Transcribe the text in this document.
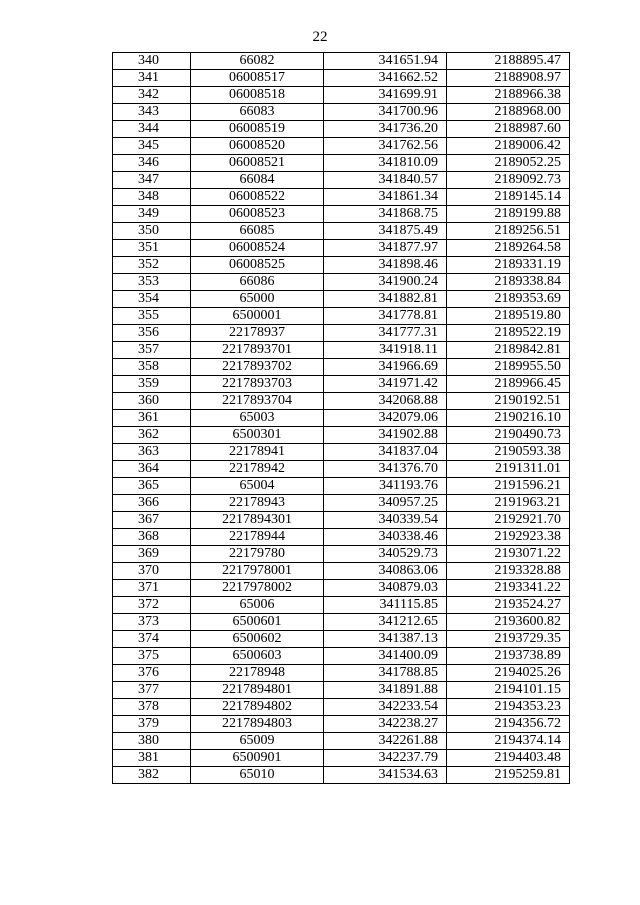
22
340	66082	341651.94	2188895.47
341	06008517	341662.52	2188908.97
342	06008518	341699.91	2188966.38
343	66083	341700.96	2188968.00
344	06008519	341736.20	2188987.60
345	06008520	341762.56	2189006.42
346	06008521	341810.09	2189052.25
347	66084	341840.57	2189092.73
348	06008522	341861.34	2189145.14
349	06008523	341868.75	2189199.88
350	66085	341875.49	2189256.51
351	06008524	341877.97	2189264.58
352	06008525	341898.46	2189331.19
353	66086	341900.24	2189338.84
354	65000	341882.81	2189353.69
355	6500001	341778.81	2189519.80
356	22178937	341777.31	2189522.19
357	2217893701	341918.11	2189842.81
358	2217893702	341966.69	2189955.50
359	2217893703	341971.42	2189966.45
360	2217893704	342068.88	2190192.51
361	65003	342079.06	2190216.10
362	6500301	341902.88	2190490.73
363	22178941	341837.04	2190593.38
364	22178942	341376.70	2191311.01
365	65004	341193.76	2191596.21
366	22178943	340957.25	2191963.21
367	2217894301	340339.54	2192921.70
368	22178944	340338.46	2192923.38
369	22179780	340529.73	2193071.22
370	2217978001	340863.06	2193328.88
371	2217978002	340879.03	2193341.22
372	65006	341115.85	2193524.27
373	6500601	341212.65	2193600.82
374	6500602	341387.13	2193729.35
375	6500603	341400.09	2193738.89
376	22178948	341788.85	2194025.26
377	2217894801	341891.88	2194101.15
378	2217894802	342233.54	2194353.23
379	2217894803	342238.27	2194356.72
380	65009	342261.88	2194374.14
381	6500901	342237.79	2194403.48
382	65010	341534.63	2195259.81
